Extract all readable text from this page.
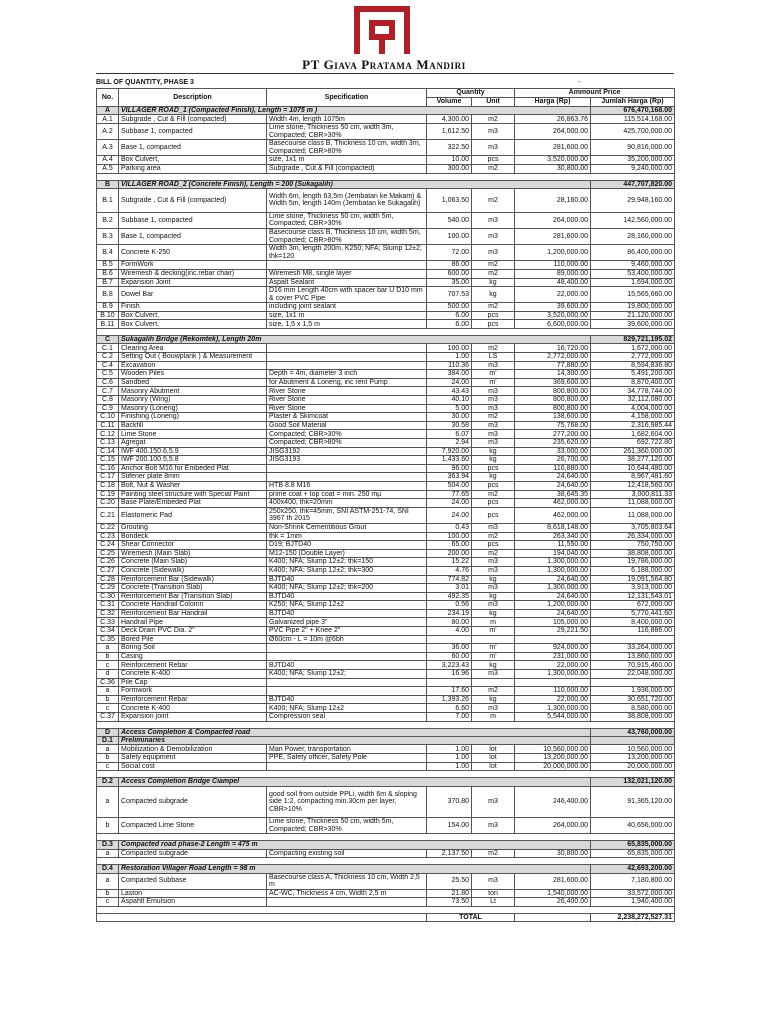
PT Giava Pratama Mandiri
BILL OF QUANTITY, PHASE 3	-
No.	Description	Specification	Quantity		Ammount Price	
			Volume	Unit	Harga (Rp)	Jumlah Harga (Rp)
A	VILLAGER ROAD_1 (Compacted Finish), Length = 1075 m )					676,470,168.00
A.1	Subgrade , Cut & Fill (compacted)	Width 4m, length 1075m	4,300.00	m2	26,863.76	115,514,168.00
A.2	Subbase 1, compacted	Lime stone, Thickness 50 cm, width 3m, Compacted; CBR>30%	1,612.50	m3	264,000.00	425,700,000.00
A.3	Base 1, compacted	Basecourse class B, Thickness 10 cm, width 3m, Compacted; CBR>80%	322.50	m3	281,600.00	90,816,000.00
A.4	Box Culvert,	size, 1x1 m	10.00	pcs	3,520,000.00	35,200,000.00
A.5	Parking area	Subgrade , Cut & Fill (compacted)	300.00	m2	30,800.00	9,240,000.00

B	VILLAGER ROAD_2 (Concrete Finish), Length = 200 (Sukagalih)					447,707,820.00
B.1	Subgrade , Cut & Fill (compacted)	Width 6m, length 63,5m (Jembatan ke Makam) & Width 5m, length 140m (Jembatan ke Sukagalih)	1,063.50	m2	28,160.00	29,948,160.00
B.2	Subbase 1, compacted	Lime stone, Thickness 50 cm, width 5m, Compacted; CBR>30%	540.00	m3	264,000.00	142,560,000.00
B.3	Base 1, compacted	Basecourse class B, Thickness 10 cm, width 5m, Compacted; CBR>80%	100.00	m3	281,600.00	28,160,000.00
B.4	Concrete K-250	Width 3m, length 200m, K250; NFA; Slump 12±2; thk=120	72.00	m3	1,200,000.00	86,400,000.00
B.5	FormWork		86.00	m2	110,000.00	9,460,000.00
B.6	Wiremesh & decking(inc.rebar chair)	Wiremesh M8, single layer	600.00	m2	89,000.00	53,400,000.00
B.7	Expansion Joint	Aspalt Sealant	35.00	kg	48,400.00	1,694,000.00
B.8	Dowel Bar	D16 mm Length 40cm with spacer bar U D10 mm & cover PVC Pipe	707.53	kg	22,000.00	15,565,660.00
B.9	Finish	including joint sealant	500.00	m2	39,600.00	19,800,000.00
B.10	Box Culvert,	size, 1x1 m	6.00	pcs	3,520,000.00	21,120,000.00
B.11	Box Culvert,	size, 1,5 x 1,5 m	6.00	pcs	6,600,000.00	39,600,000.00

C	Sukagalih Bridge (Rekomtek), Length 20m					829,721,195.02
C.1	Clearing Area		100.00	m2	16,720.00	1,672,000.00
C.2	Setting Out ( Bouwplank ) & Measurement		1.00	LS	2,772,000.00	2,772,000.00
C.4	Excavation		110.36	m3	77,880.00	8,594,836.80
C.5	Wooden Piles	Depth = 4m, diameter 3 inch	384.00	m'	14,300.00	5,491,200.00
C.6	Sandbed	for Abutment & Loneng, inc rent Pump	24.00	m'	369,600.00	8,870,400.00
C.7	Masonry Abutment	River Stone	43.43	m3	800,800.00	34,778,744.00
C.8	Masonry (Wing)	River Stone	40.10	m3	800,800.00	32,112,080.00
C.9	Masonry (Loneng)	River Stone	5.00	m3	800,800.00	4,004,000.00
C.10	Finishing (Loneng)	Plaster & Skimcoat	30.00	m2	138,600.00	4,158,000.00
C.11	Backfill	Good Soil Material	30.58	m3	75,768.00	2,316,985.44
C.12	Lime Stone	Compacted; CBR>30%	6.07	m3	277,200.00	1,682,604.00
C.13	Agregat	Compacted; CBR>80%	2.94	m3	235,620.00	692,722.80
C.14	IWF 400.150.6,5.9	JISG3192	7,920.00	kg	33,000.00	261,360,000.00
C.15	IWF 200.100.5,5.8	JISG3193	1,433.60	kg	26,700.00	38,277,120.00
C.16	Anchor Bolt M16 for Embeded Plat		96.00	pcs	110,880.00	10,644,480.00
C.17	Stifener plate 8mm		363.94	kg	24,640.00	8,967,481.60
C.18	Bolt, Nut & Washer	HTB 8.8 M16	504.00	pcs	24,640.00	12,418,560.00
C.19	Painting steel structure with Special Paint	prime coat + top coat = min. 250 mµ	77.65	m2	38,645.35	3,000,811.33
C.20	Base Plate/Embeded Plat	400x400, thk=20mm	24.00	pcs	462,000.00	11,088,000.00
C.21	Elastomeric Pad	250x250, thk=45mm, SNI ASTM-251-74, SNI 3967 th 2015	24.00	pcs	462,000.00	11,088,000.00
C.22	Grouting	Non-Shrink Cementitious Grout	0.43	m3	8,618,148.00	3,705,803.64
C.23	Bondeck	thk = 1mm	100.00	m2	263,340.00	26,334,000.00
C.24	Shear Connector	D19; BJTD40	65.00	pcs	11,550.00	750,750.00
C.25	Wiremesh (Main Slab)	M12-150 (Double Layer)	200.00	m2	194,040.00	38,808,000.00
C.26	Concrete (Main Slab)	K400; NFA; Slump 12±2; thk=150	15.22	m3	1,300,000.00	19,786,000.00
C.27	Concrete (Sidewalk)	K400; NFA; Slump 12±2; thk=300	4.76	m3	1,300,000.00	6,188,000.00
C.28	Reinforcement Bar (Sidewalk)	BJTD40	774.82	kg	24,640.00	19,091,564.80
C.29	Concrete (Transition Slab)	K400; NFA; Slump 12±2; thk=200	3.01	m3	1,300,000.00	3,913,000.00
C.30	Reinforcement Bar (Transition Slab)	BJTD40	492.35	kg	24,640.00	12,131,543.01
C.31	Concrete Handrail Colomn	K250; NFA; Slump 12±2	0.56	m3	1,200,000.00	672,000.00
C.32	Reinforcement Bar Handrail	BJTD40	234.19	kg	24,640.00	5,770,441.60
C.33	Handrail Pipe	Galvanized pipe 3"	80.00	m	105,000.00	8,400,000.00
C.34	Deck Drain PVC Dia. 2"	PVC Pipe 2" + Knee 2"	4.00	m'	29,221.50	116,886.00
C.35	Bored Pile	Ø60cm - L = 10m @6bh				
a	Boring Soil		36.00	m'	924,000.00	33,264,000.00
b	Casing		60.00	m'	231,000.00	13,860,000.00
c	Reinforcement Rebar	BJTD40	3,223.43	kg	22,000.00	70,915,460.00
d	Concrete K-400	K400; NFA; Slump 12±2;	16.96	m3	1,300,000.00	22,048,000.00
C.36	Pile Cap					
a	Formwork		17.60	m2	110,000.00	1,936,000.00
b	Reinforcement Rebar	BJTD40	1,393.26	kg	22,000.00	30,651,720.00
c	Concrete K-400	K400; NFA; Slump 12±2	6.60	m3	1,300,000.00	8,580,000.00
C.37	Expansion joint	Compression seal	7.00	m	5,544,000.00	38,808,000.00

D	Access Completion & Compacted road					43,760,000.00
D.1	Preliminaries					
a	Mobilization & Demobilization	Man Power, transportation	1.00	lot	10,560,000.00	10,560,000.00
b	Safety equipment	PPE, Safety officer, Safety Pole	1.00	lot	13,200,000.00	13,200,000.00
c	Social cost		1.00	lot	20,000,000.00	20,000,000.00

D.2	Access Completion Bridge Ciampel					132,021,120.00
a	Compacted subgrade	good soil from outside PPLi, width 6m & sloping side 1:2, compacting min.30cm per layer, CBR>10%	370.80	m3	246,400.00	91,365,120.00
b	Compacted Lime Stone	Lime stone, Thickness 50 cm, width 5m, Compacted; CBR>30%	154.00	m3	264,000.00	40,656,000.00

D.3	Compacted road phase-2 Length = 475 m					65,835,000.00
a	Compacted subgrade	Compacting existing soil	2,137.50	m2	30,800.00	65,835,000.00

D.4	Restoration Villager Road Length = 98 m					42,693,200.00
a	Compacted Subbase	Basecourse class A, Thickness 10 cm, Width 2,5 m	25.50	m3	281,600.00	7,180,800.00
b	Laston	AC-WC, Thickness 4 cm, Width 2,5 m	21.80	ton	1,540,000.00	33,572,000.00
c	Aspahlt Emulsion		73.50	Lt	26,400.00	1,940,400.00

			TOTAL			2,238,272,527.31
